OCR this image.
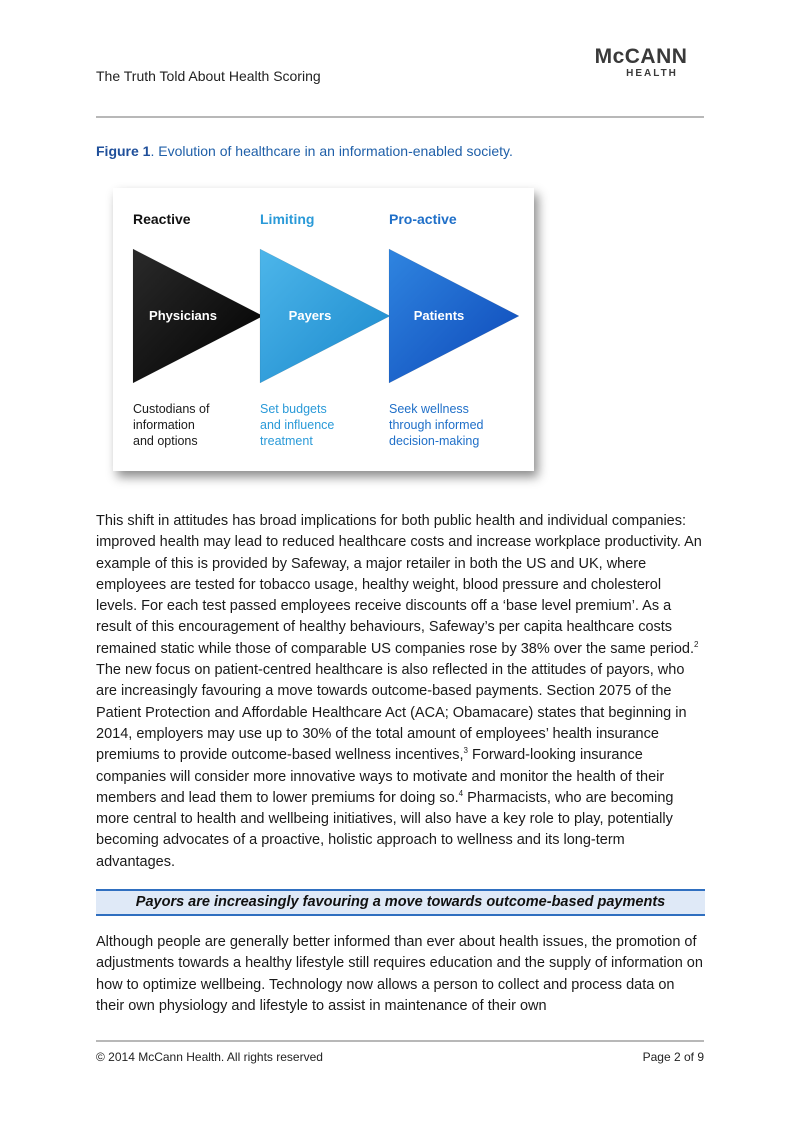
The Truth Told About Health Scoring
McCANN
HEALTH
Figure 1. Evolution of healthcare in an information-enabled society.
Reactive
Physicians
Custodians of
information
and options
Limiting
Payers
Set budgets
and influence
treatment
Pro-active
Patients
Seek wellness
through informed
decision-making

This shift in attitudes has broad implications for both public health and individual companies: improved health may lead to reduced healthcare costs and increase workplace productivity. An example of this is provided by Safeway, a major retailer in both the US and UK, where employees are tested for tobacco usage, healthy weight, blood pressure and cholesterol levels. For each test passed employees receive discounts off a ‘base level premium’. As a result of this encouragement of healthy behaviours, Safeway’s per capita healthcare costs remained static while those of comparable US companies rose by 38% over the same period.$^2$ The new focus on patient-centred healthcare is also reflected in the attitudes of payors, who are increasingly favouring a move towards outcome-based payments. Section 2075 of the Patient Protection and Affordable Healthcare Act (ACA; Obamacare) states that beginning in 2014, employers may use up to 30% of the total amount of employees’ health insurance premiums to provide outcome-based wellness incentives,$^3$ Forward-looking insurance companies will consider more innovative ways to motivate and monitor the health of their members and lead them to lower premiums for doing so.$^4$ Pharmacists, who are becoming more central to health and wellbeing initiatives, will also have a key role to play, potentially becoming advocates of a proactive, holistic approach to wellness and its long-term advantages.

Payors are increasingly favouring a move towards outcome-based payments

Although people are generally better informed than ever about health issues, the promotion of adjustments towards a healthy lifestyle still requires education and the supply of information on how to optimize wellbeing. Technology now allows a person to collect and process data on their own physiology and lifestyle to assist in maintenance of their own

© 2014 McCann Health. All rights reserved	Page 2 of 9
